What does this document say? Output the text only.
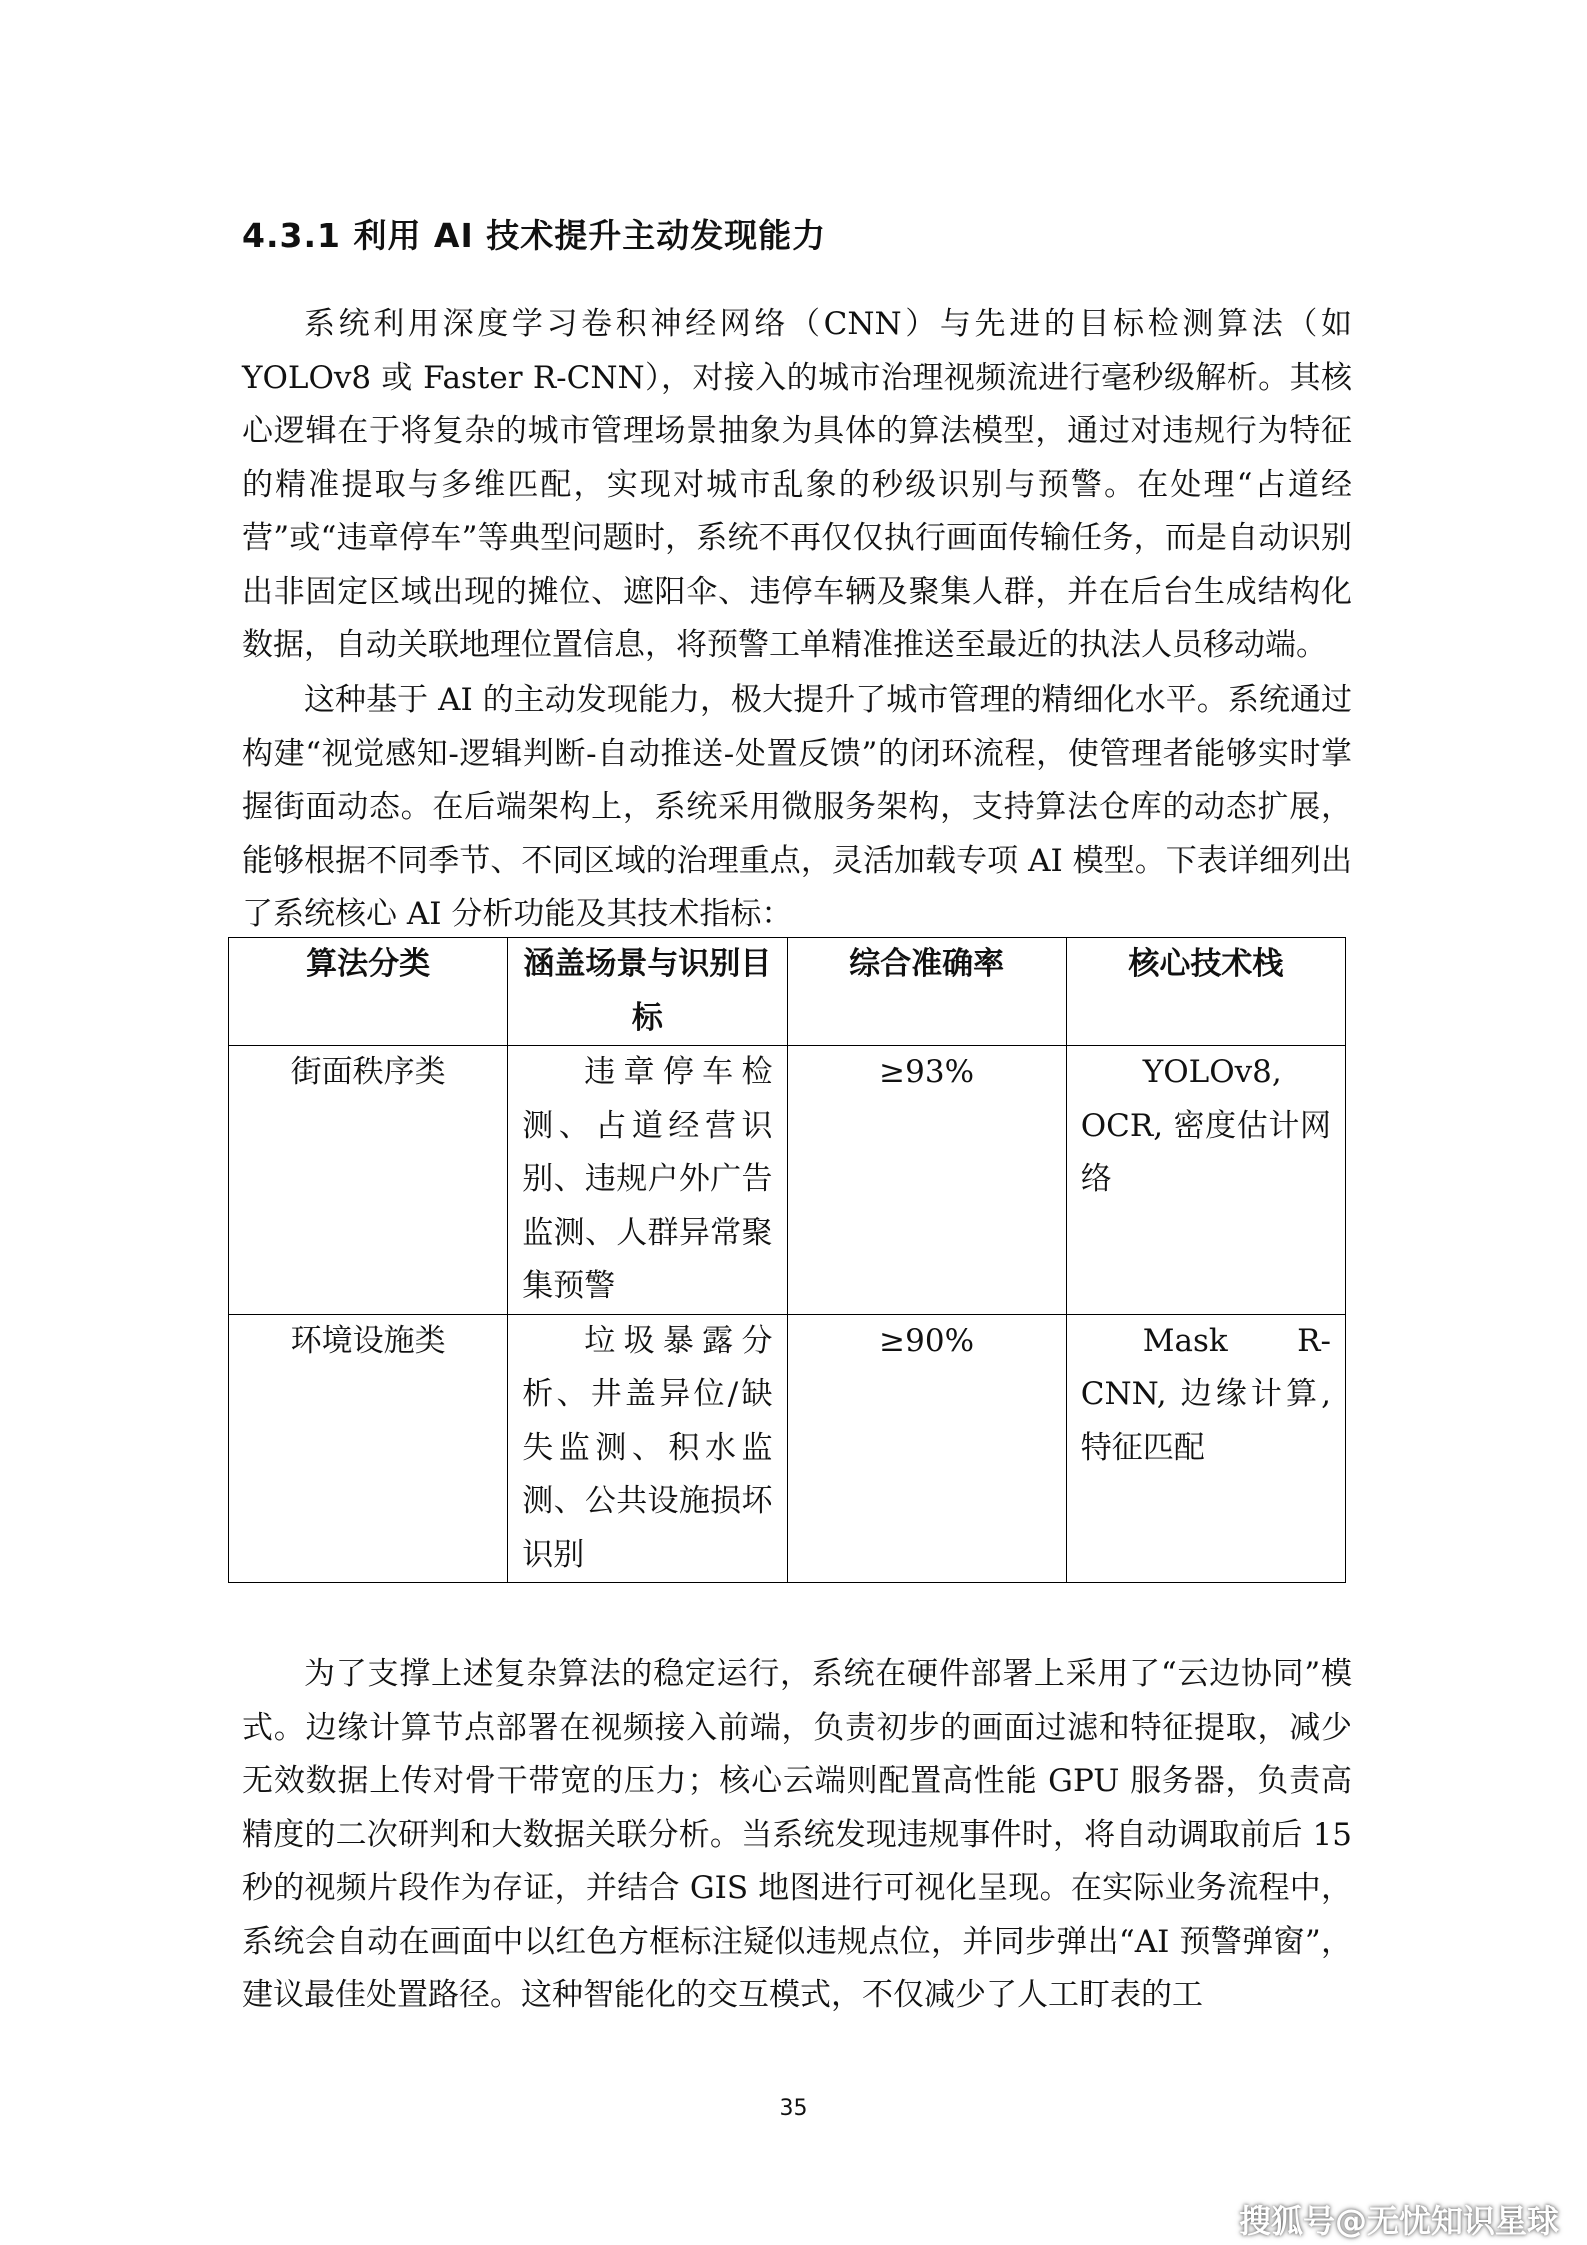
4.3.1 利用 AI 技术提升主动发现能力
系统利用深度学习卷积神经网络（CNN）与先进的目标检测算法（如 YOLOv8 或 Faster R-CNN），对接入的城市治理视频流进行毫秒级解析。其核心逻辑在于将复杂的城市管理场景抽象为具体的算法模型，通过对违规行为特征的精准提取与多维匹配，实现对城市乱象的秒级识别与预警。在处理“占道经营”或“违章停车”等典型问题时，系统不再仅仅执行画面传输任务，而是自动识别出非固定区域出现的摊位、遮阳伞、违停车辆及聚集人群，并在后台生成结构化数据，自动关联地理位置信息，将预警工单精准推送至最近的执法人员移动端。
这种基于 AI 的主动发现能力，极大提升了城市管理的精细化水平。系统通过构建“视觉感知-逻辑判断-自动推送-处置反馈”的闭环流程，使管理者能够实时掌握街面动态。在后端架构上，系统采用微服务架构，支持算法仓库的动态扩展，能够根据不同季节、不同区域的治理重点，灵活加载专项 AI 模型。下表详细列出了系统核心 AI 分析功能及其技术指标：
算法分类	涵盖场景与识别目标	综合准确率	核心技术栈
街面秩序类	违章停车检测、占道经营识别、违规户外广告监测、人群异常聚集预警	≥93%	YOLOv8, OCR, 密度估计网络
环境设施类	垃圾暴露分析、井盖异位/缺失监测、积水监测、公共设施损坏识别	≥90%	Mask R-CNN, 边缘计算, 特征匹配
为了支撑上述复杂算法的稳定运行，系统在硬件部署上采用了“云边协同”模式。边缘计算节点部署在视频接入前端，负责初步的画面过滤和特征提取，减少无效数据上传对骨干带宽的压力；核心云端则配置高性能 GPU 服务器，负责高精度的二次研判和大数据关联分析。当系统发现违规事件时，将自动调取前后 15 秒的视频片段作为存证，并结合 GIS 地图进行可视化呈现。在实际业务流程中，系统会自动在画面中以红色方框标注疑似违规点位，并同步弹出“AI 预警弹窗”，建议最佳处置路径。这种智能化的交互模式，不仅减少了人工盯表的工
35
搜狐号@无忧知识星球
